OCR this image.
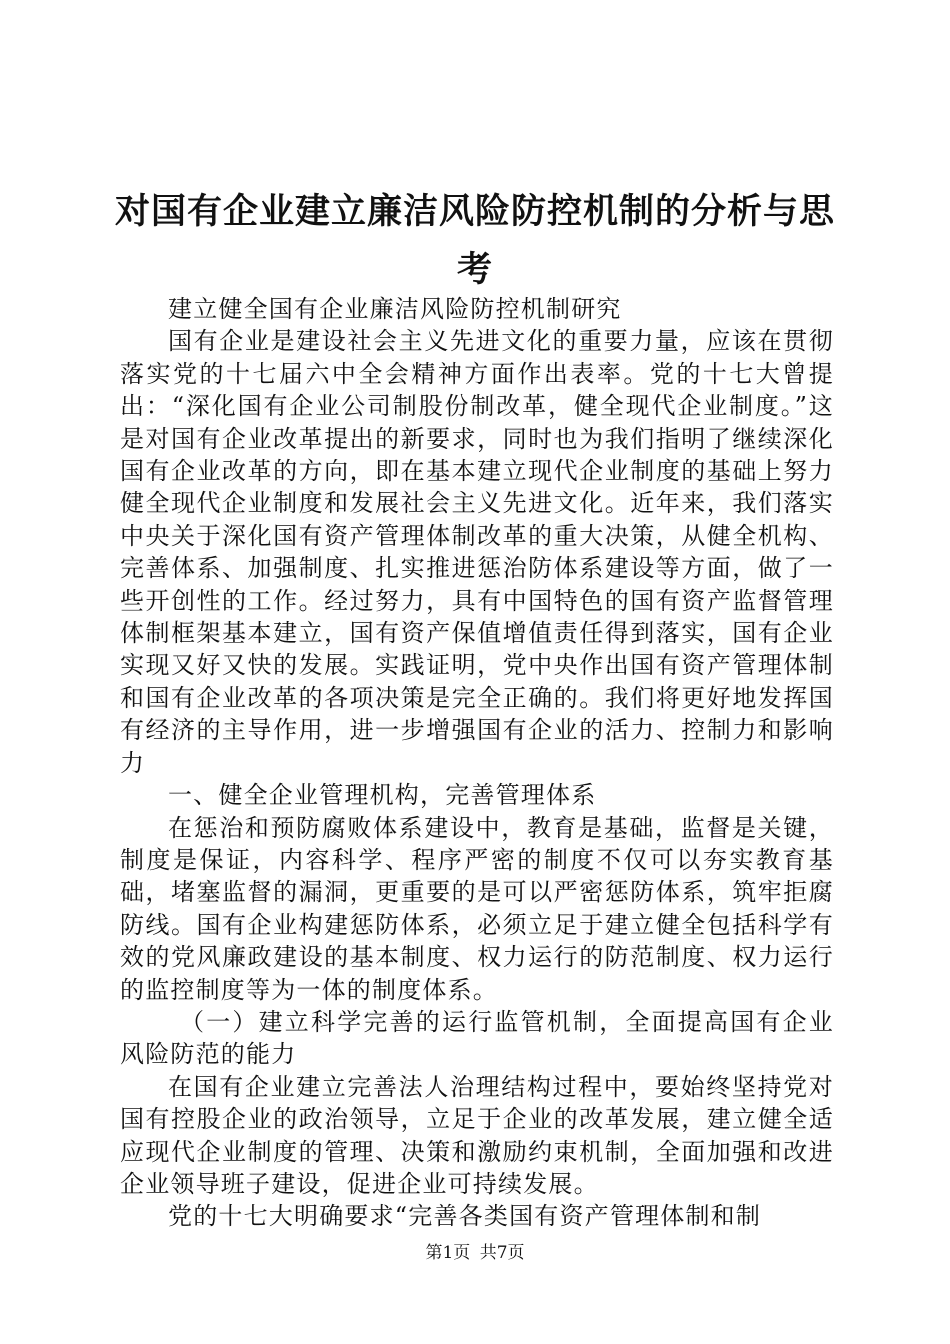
对国有企业建立廉洁风险防控机制的分析与思考

建立健全国有企业廉洁风险防控机制研究

国有企业是建设社会主义先进文化的重要力量，应该在贯彻落实党的十七届六中全会精神方面作出表率。党的十七大曾提出：“深化国有企业公司制股份制改革，健全现代企业制度。”这是对国有企业改革提出的新要求，同时也为我们指明了继续深化国有企业改革的方向，即在基本建立现代企业制度的基础上努力健全现代企业制度和发展社会主义先进文化。近年来，我们落实中央关于深化国有资产管理体制改革的重大决策，从健全机构、完善体系、加强制度、扎实推进惩治防体系建设等方面，做了一些开创性的工作。经过努力，具有中国特色的国有资产监督管理体制框架基本建立，国有资产保值增值责任得到落实，国有企业实现又好又快的发展。实践证明，党中央作出国有资产管理体制和国有企业改革的各项决策是完全正确的。我们将更好地发挥国有经济的主导作用，进一步增强国有企业的活力、控制力和影响力

一、健全企业管理机构，完善管理体系

在惩治和预防腐败体系建设中，教育是基础，监督是关键，制度是保证，内容科学、程序严密的制度不仅可以夯实教育基础，堵塞监督的漏洞，更重要的是可以严密惩防体系，筑牢拒腐防线。国有企业构建惩防体系，必须立足于建立健全包括科学有效的党风廉政建设的基本制度、权力运行的防范制度、权力运行的监控制度等为一体的制度体系。

（一）建立科学完善的运行监管机制，全面提高国有企业风险防范的能力

在国有企业建立完善法人治理结构过程中，要始终坚持党对国有控股企业的政治领导，立足于企业的改革发展，建立健全适应现代企业制度的管理、决策和激励约束机制，全面加强和改进企业领导班子建设，促进企业可持续发展。

党的十七大明确要求“完善各类国有资产管理体制和制

第1页 共7页
